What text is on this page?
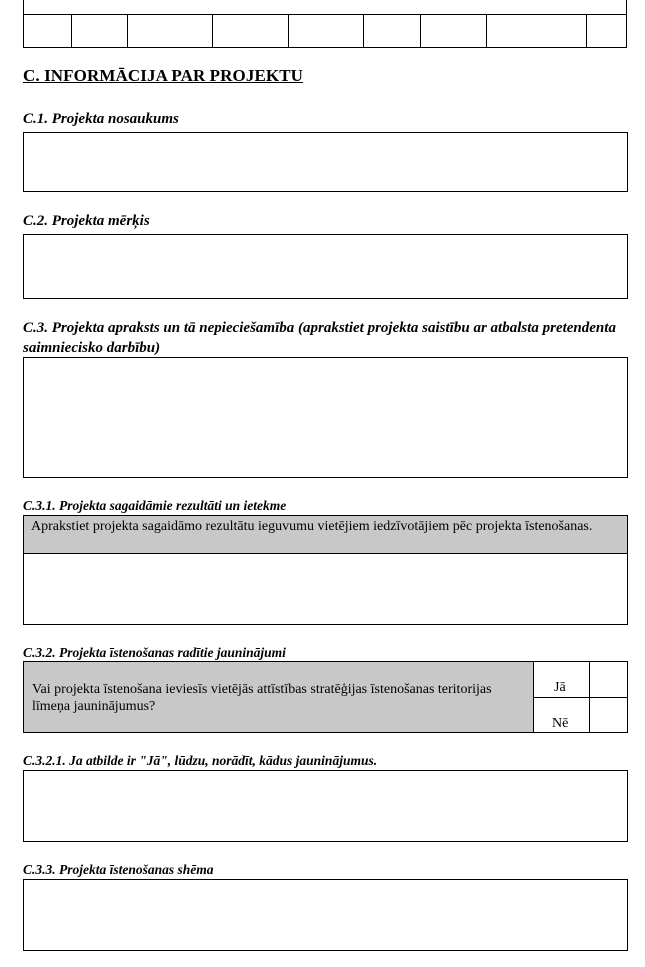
C. INFORMĀCIJA PAR PROJEKTU
C.1. Projekta nosaukums
C.2. Projekta mērķis
C.3. Projekta apraksts un tā nepieciešamība (aprakstiet projekta saistību ar atbalsta pretendenta saimniecisko darbību)
C.3.1. Projekta sagaidāmie rezultāti un ietekme
Aprakstiet projekta sagaidāmo rezultātu ieguvumu vietējiem iedzīvotājiem pēc projekta īstenošanas.
C.3.2. Projekta īstenošanas radītie jauninājumi
Vai projekta īstenošana ieviesīs vietējās attīstības stratēģijas īstenošanas teritorijas līmeņa jauninājumus?
Jā
Nē
C.3.2.1. Ja atbilde ir "Jā", lūdzu, norādīt, kādus jauninājumus.
C.3.3. Projekta īstenošanas shēma
